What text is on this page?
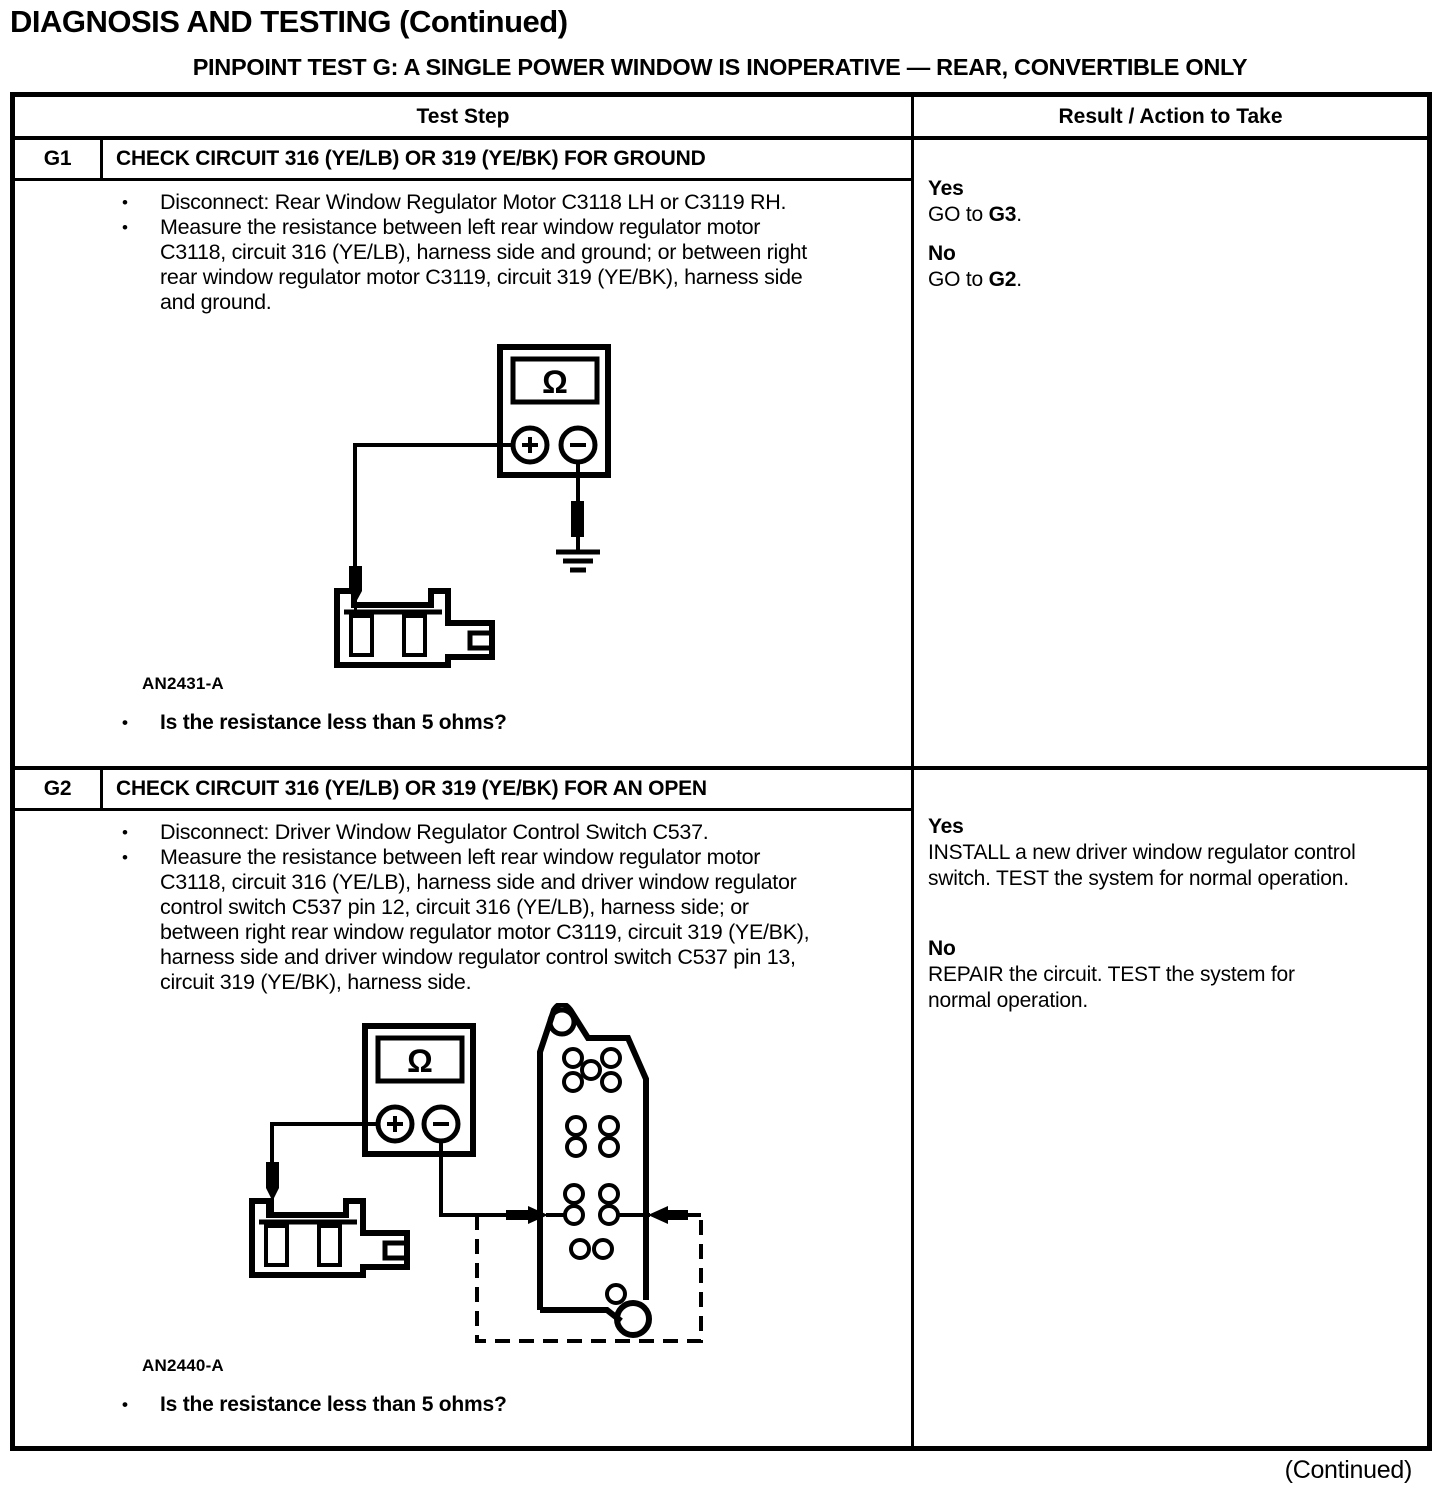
DIAGNOSIS AND TESTING (Continued)
PINPOINT TEST G: A SINGLE POWER WINDOW IS INOPERATIVE — REAR, CONVERTIBLE ONLY
Test Step	Result / Action to Take
G1	CHECK CIRCUIT 316 (YE/LB) OR 319 (YE/BK) FOR GROUND
•	Disconnect: Rear Window Regulator Motor C3118 LH or C3119 RH.
•	Measure the resistance between left rear window regulator motor C3118, circuit 316 (YE/LB), harness side and ground; or between right rear window regulator motor C3119, circuit 319 (YE/BK), harness side and ground.
Ω
AN2431-A
•	Is the resistance less than 5 ohms?
Yes
GO to G3.
No
GO to G2.
G2	CHECK CIRCUIT 316 (YE/LB) OR 319 (YE/BK) FOR AN OPEN
•	Disconnect: Driver Window Regulator Control Switch C537.
•	Measure the resistance between left rear window regulator motor C3118, circuit 316 (YE/LB), harness side and driver window regulator control switch C537 pin 12, circuit 316 (YE/LB), harness side; or between right rear window regulator motor C3119, circuit 319 (YE/BK), harness side and driver window regulator control switch C537 pin 13, circuit 319 (YE/BK), harness side.
Ω
AN2440-A
•	Is the resistance less than 5 ohms?
Yes
INSTALL a new driver window regulator control switch. TEST the system for normal operation.
No
REPAIR the circuit. TEST the system for normal operation.
(Continued)
